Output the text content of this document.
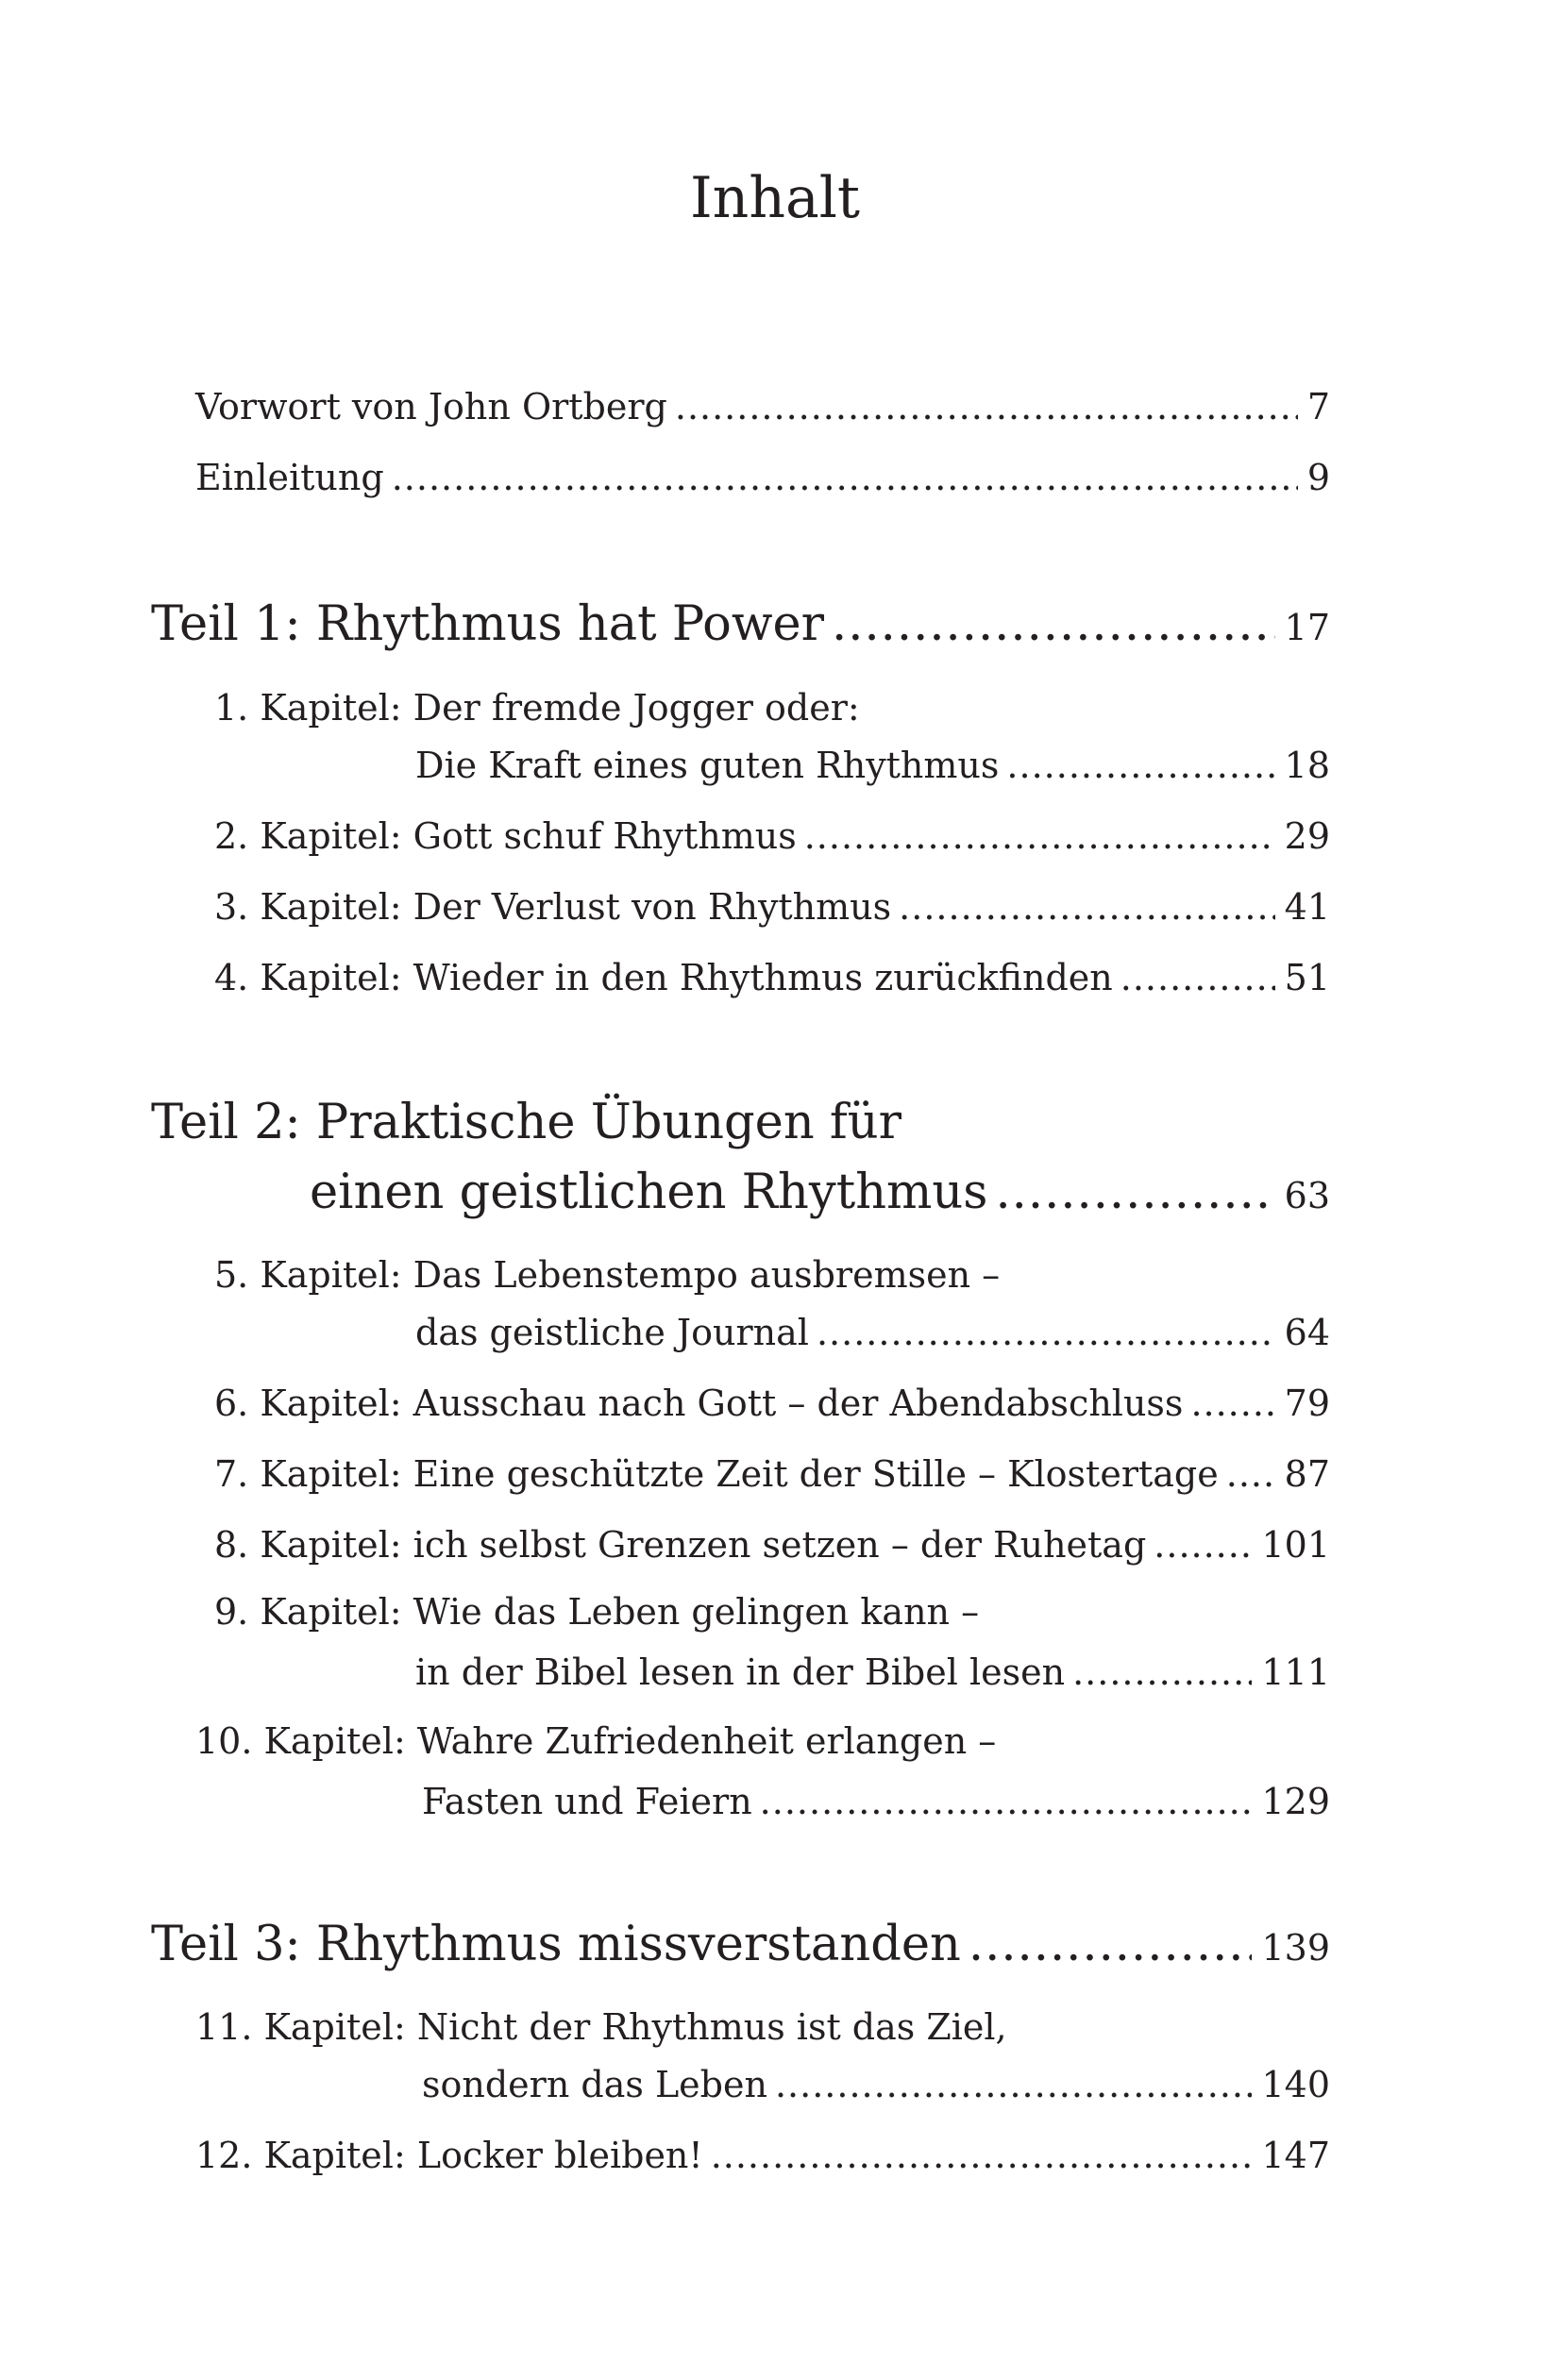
Inhalt
Vorwort von John Ortberg .....	7
Einleitung .....	9
Teil 1:
Rhythmus hat Power .....	17
1. Kapitel: Der fremde Jogger oder:
Die Kraft eines guten Rhythmus .....	18
2. Kapitel:
Gott schuf Rhythmus .....	29
3. Kapitel:
Der Verlust von Rhythmus .....	41
4. Kapitel:
Wieder in den Rhythmus zurückfinden .....	51
Teil 2: Praktische Übungen für
einen geistlichen Rhythmus .....	63
5. Kapitel: Das Lebenstempo ausbremsen –
das geistliche Journal .....	64
6. Kapitel:
Ausschau nach Gott – der Abendabschluss .....	79
7. Kapitel:
Eine geschützte Zeit der Stille – Klostertage ..... 87
8. Kapitel:
ich selbst Grenzen setzen – der Ruhetag .....	101
9. Kapitel: Wie das Leben gelingen kann –
in der Bibel lesen in der Bibel lesen .....	111
10. Kapitel: Wahre Zufriedenheit erlangen –
Fasten und Feiern .....	129
Teil 3:
Rhythmus missverstanden .....	139
11. Kapitel: Nicht der Rhythmus ist das Ziel,
sondern das Leben .....	140
12. Kapitel:
Locker bleiben! .....	147
